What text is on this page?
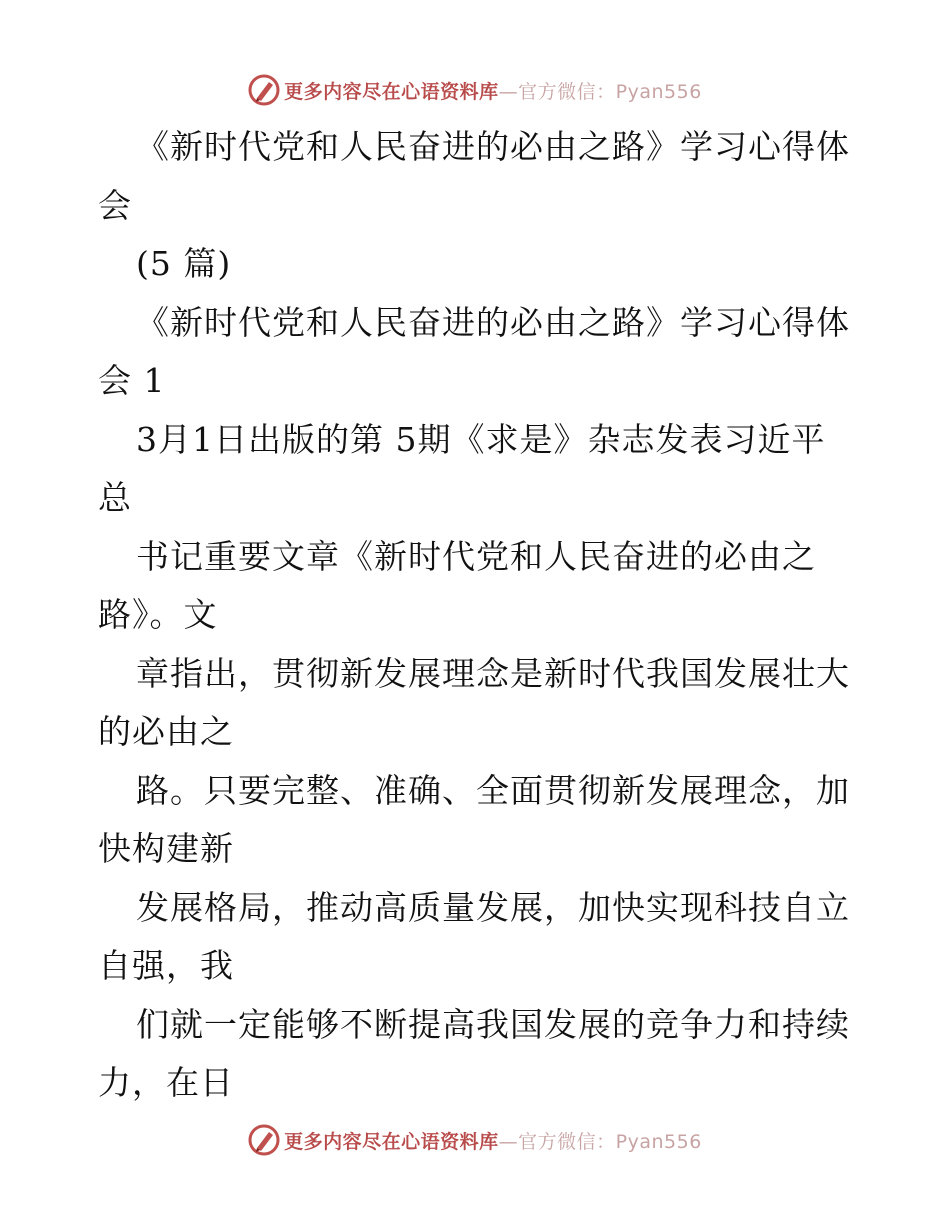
更多内容尽在心语资料库—官方微信：Pyan556
《新时代党和人民奋进的必由之路》学习心得体
会
(5 篇)
《新时代党和人民奋进的必由之路》学习心得体
会 1
3月1日出版的第 5期《求是》杂志发表习近平
总
书记重要文章《新时代党和人民奋进的必由之
路》。文
章指出，贯彻新发展理念是新时代我国发展壮大
的必由之
路。只要完整、准确、全面贯彻新发展理念，加
快构建新
发展格局，推动高质量发展，加快实现科技自立
自强，我
们就一定能够不断提高我国发展的竞争力和持续
力，在日
更多内容尽在心语资料库—官方微信：Pyan556
